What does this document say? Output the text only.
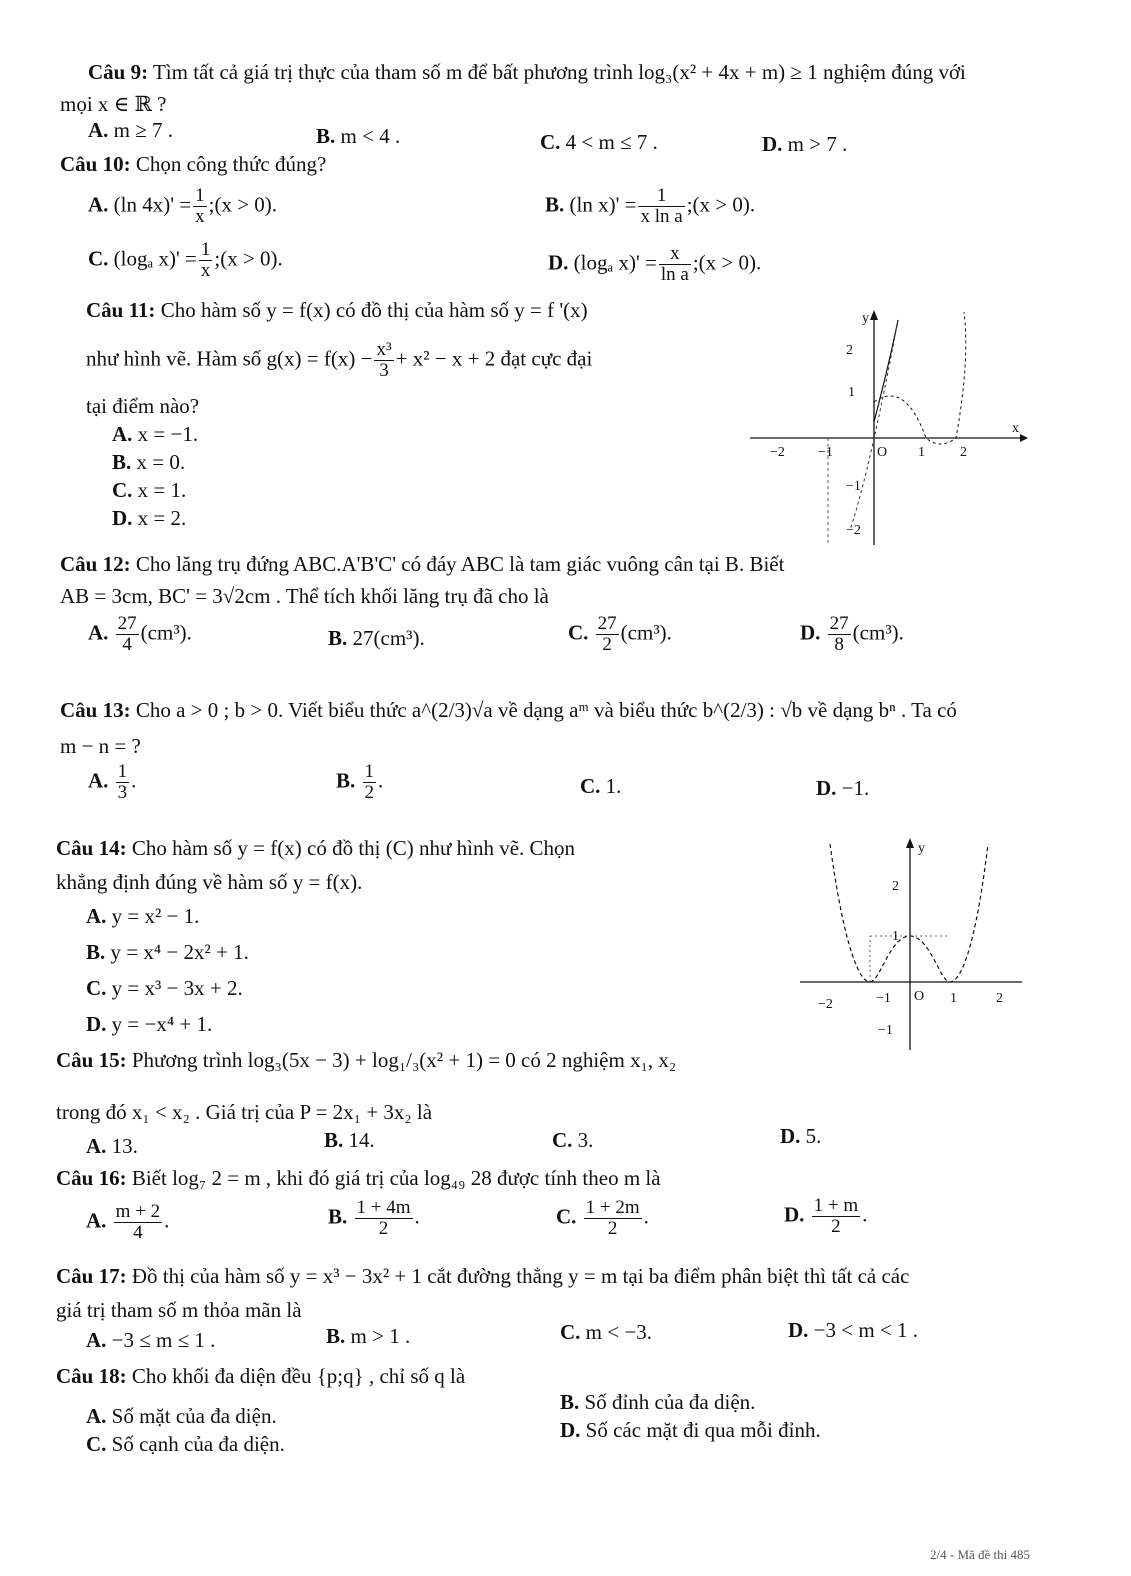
Câu 9: Tìm tất cả giá trị thực của tham số m để bất phương trình log₃(x² + 4x + m) ≥ 1 nghiệm đúng với
mọi x ∈ ℝ ?
A. m ≥ 7 .	B. m < 4 .	C. 4 < m ≤ 7 .	D. m > 7 .
Câu 10: Chọn công thức đúng?
A. (ln $4x)' = \frac{1}{x}$ ;(x > 0).	B. (ln $x)' = \frac{1}{\text{x ln a}}$ ;(x > 0).
C. (logₐ $x)' = \frac{1}{x}$ ;(x > 0).	D. (logₐ $x)' = \frac{x}{\text{ln a}}$ ;(x > 0).
Câu 11: Cho hàm số y = f(x) có đồ thị của hàm số y = f '(x)
như hình vẽ. Hàm số $g(x) = f(x) - \frac{\text{x³}}{3} + x^2 - x + 2$ đạt cực đại
tại điểm nào?
A. x = −1.
B. x = 0.
C. x = 1.
D. x = 2.
y
x
O
−2 −1	1	2
2
1
−1
−2
Câu 12: Cho lăng trụ đứng ABC.A'B'C' có đáy ABC là tam giác vuông cân tại B. Biết
AB = 3cm, BC' = 3√2cm . Thể tích khối lăng trụ đã cho là
A. $\frac{27}{4} (cm^3)$.	B. 27(cm³).	C. $\frac{27}{2} (cm^3)$.	D. $\frac{27}{8} (cm^3)$.
Câu 13: Cho a > 0 ; b > 0. Viết biểu thức a^(2/3)√a về dạng aᵐ và biểu thức b^(2/3) : √b về dạng bⁿ . Ta có
m − n = ?
A. $\frac{1}{3}$ .	B. $\frac{1}{2}$ .	C. 1.	D. −1.
Câu 14: Cho hàm số y = f(x) có đồ thị (C) như hình vẽ. Chọn
khẳng định đúng về hàm số y = f(x).
A. y = x² − 1.
B. y = x⁴ − 2x² + 1.
C. y = x³ − 3x + 2.
D. y = −x⁴ + 1.
y
O
−2	−1	1	2
2
1
−1
Câu 15: Phương trình log₃(5x − 3) + log₁/₃(x² + 1) = 0 có 2 nghiệm x₁, x₂
trong đó x₁ < x₂ . Giá trị của P = 2x₁ + 3x₂ là
A. 13.	B. 14.	C. 3.	D. 5.
Câu 16: Biết log₇ 2 = m , khi đó giá trị của log₄₉ 28 được tính theo m là
A. $\frac{m + 2}{4}$ .	B. $\frac{1 + 4m}{2}$ .	C. $\frac{1 + 2m}{2}$ .	D. $\frac{1 + m}{2}$ .
Câu 17: Đồ thị của hàm số y = x³ − 3x² + 1 cắt đường thẳng y = m tại ba điểm phân biệt thì tất cả các
giá trị tham số m thỏa mãn là
A. −3 ≤ m ≤ 1 .	B. m > 1 .	C. m < −3.	D. −3 < m < 1 .
Câu 18: Cho khối đa diện đều {p;q} , chỉ số q là
A. Số mặt của đa diện.
B. Số đỉnh của đa diện.
C. Số cạnh của đa diện.
D. Số các mặt đi qua mỗi đỉnh.
2/4 - Mã đề thi 485
